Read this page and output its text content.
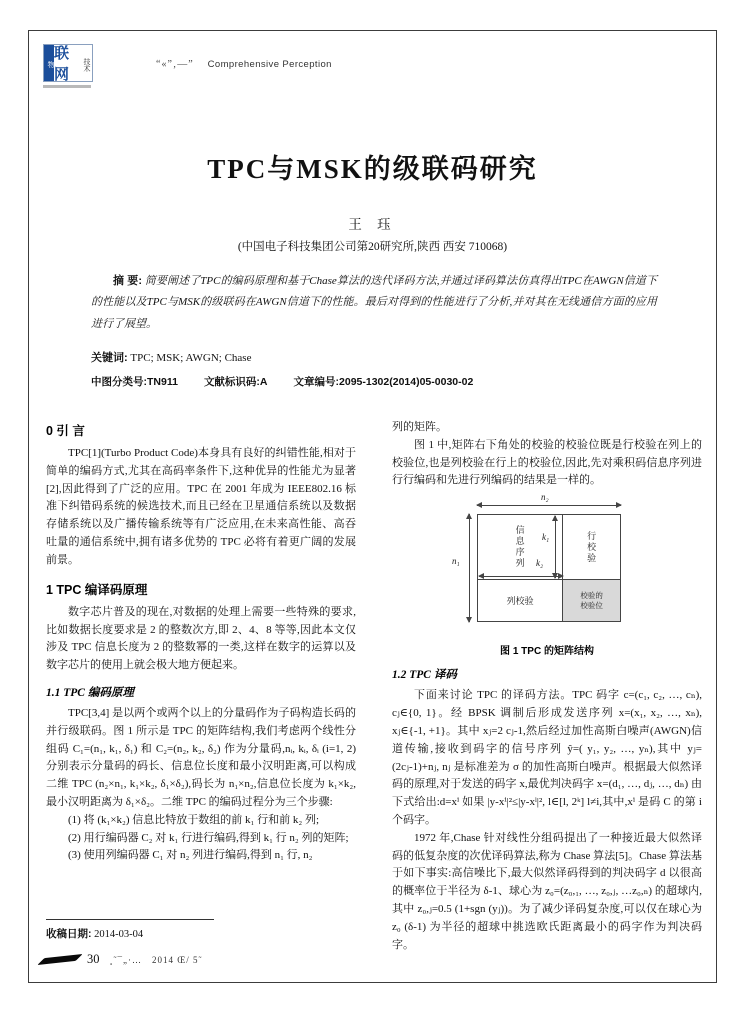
物
联网
技术	“«”‚—” Comprehensive Perception
TPC与MSK的级联码研究
王 珏
(中国电子科技集团公司第20研究所,陕西 西安 710068)
摘 要: 简要阐述了TPC的编码原理和基于Chase算法的迭代译码方法,并通过译码算法仿真得出TPC在AWGN信道下的性能以及TPC与MSK的级联码在AWGN信道下的性能。最后对得到的性能进行了分析,并对其在无线通信方面的应用进行了展望。
关键词: TPC; MSK; AWGN; Chase
中图分类号:TN911 文献标识码:A 文章编号:2095-1302(2014)05-0030-02
0 引 言

TPC[1](Turbo Product Code)本身具有良好的纠错性能,相对于简单的编码方式,尤其在高码率条件下,这种优异的性能尤为显著[2],因此得到了广泛的应用。TPC 在 2001 年成为 IEEE802.16 标准下纠错码系统的候选技术,而且已经在卫星通信系统以及数据存储系统以及广播传输系统等有广泛应用,在未来高性能、高吞吐量的通信系统中,拥有诸多优势的 TPC 必将有着更广阔的发展前景。

1 TPC 编译码原理

数字芯片普及的现在,对数据的处理上需要一些特殊的要求,比如数据长度要求是 2 的整数次方,即 2、4、8 等等,因此本文仅涉及 TPC 信息长度为 2 的整数幂的一类,这样在数字的运算以及数字芯片的使用上就会极大地方便起来。

1.1 TPC 编码原理

TPC[3,4] 是以两个或两个以上的分量码作为子码构造长码的并行级联码。图 1 所示是 TPC 的矩阵结构,我们考虑两个线性分组码 C₁=(n₁, k₁, δ₁) 和 C₂=(n₂, k₂, δ₂) 作为分量码,nᵢ, kᵢ, δᵢ (i=1, 2) 分别表示分量码的码长、信息位长度和最小汉明距离,可以构成二维 TPC (n₂×n₁, k₁×k₂, δ₁×δ₂),码长为 n₁×n₂,信息位长度为 k₁×k₂,最小汉明距离为 δ₁×δ₂。二维 TPC 的编码过程分为三个步骤:

(1) 将 (k₁×k₂) 信息比特放于数组的前 k₁ 行和前 k₂ 列;

(2) 用行编码器 C₂ 对 k₁ 行进行编码,得到 k₁ 行 n₂ 列的矩阵;

(3) 使用列编码器 C₁ 对 n₂ 列进行编码,得到 n₁ 行, n₂

列的矩阵。

图 1 中,矩阵右下角处的校验的校验位既是行校验在列上的校验位,也是列校验在行上的校验位,因此,先对乘积码信息序列进行行编码和先进行列编码的结果是一样的。

n₂
n₁
k₁
k₂
信息序列	行校验
列校验
校验的
校验位
图 1 TPC 的矩阵结构
1.2 TPC 译码

下面来讨论 TPC 的译码方法。TPC 码字 c=(c₁, c₂, …, cₙ), cⱼ∈{0, 1}。经 BPSK 调制后形成发送序列 x=(x₁, x₂, …, xₙ), xⱼ∈{-1, +1}。其中 xⱼ=2 cⱼ-1,然后经过加性高斯白噪声(AWGN)信道传输,接收到码字的信号序列 ŷ=( y₁, y₂, …, yₙ),其中 yⱼ=(2cⱼ-1)+nⱼ, nⱼ 是标准差为 σ 的加性高斯白噪声。根据最大似然译码的原理,对于发送的码字 x,最优判决码字 x=(d₁, …, dⱼ, …, dₙ) 由下式给出:d=xⁱ 如果 |y-xⁱ|²≤|y-xˡ|², l∈[l, 2ᵏ] l≠i,其中,xⁱ 是码 C 的第 i 个码字。

1972 年,Chase 针对线性分组码提出了一种接近最大似然译码的低复杂度的次优译码算法,称为 Chase 算法[5]。Chase 算法基于如下事实:高信噪比下,最大似然译码得到的判决码字 d 以很高的概率位于半径为 δ-1、球心为 z₀=(z₀,₁, …, z₀,ⱼ, …z₀,ₙ) 的超球内,其中 z₀,ⱼ=0.5 (1+sgn (yⱼ))。为了减少译码复杂度,可以仅在球心为 z₀ (δ-1) 为半径的超球中挑选欧氏距离最小的码字作为判决码字。

收稿日期: 2014-03-04
30 ¸˜¯„·… 2014 Œ/ 5˜
